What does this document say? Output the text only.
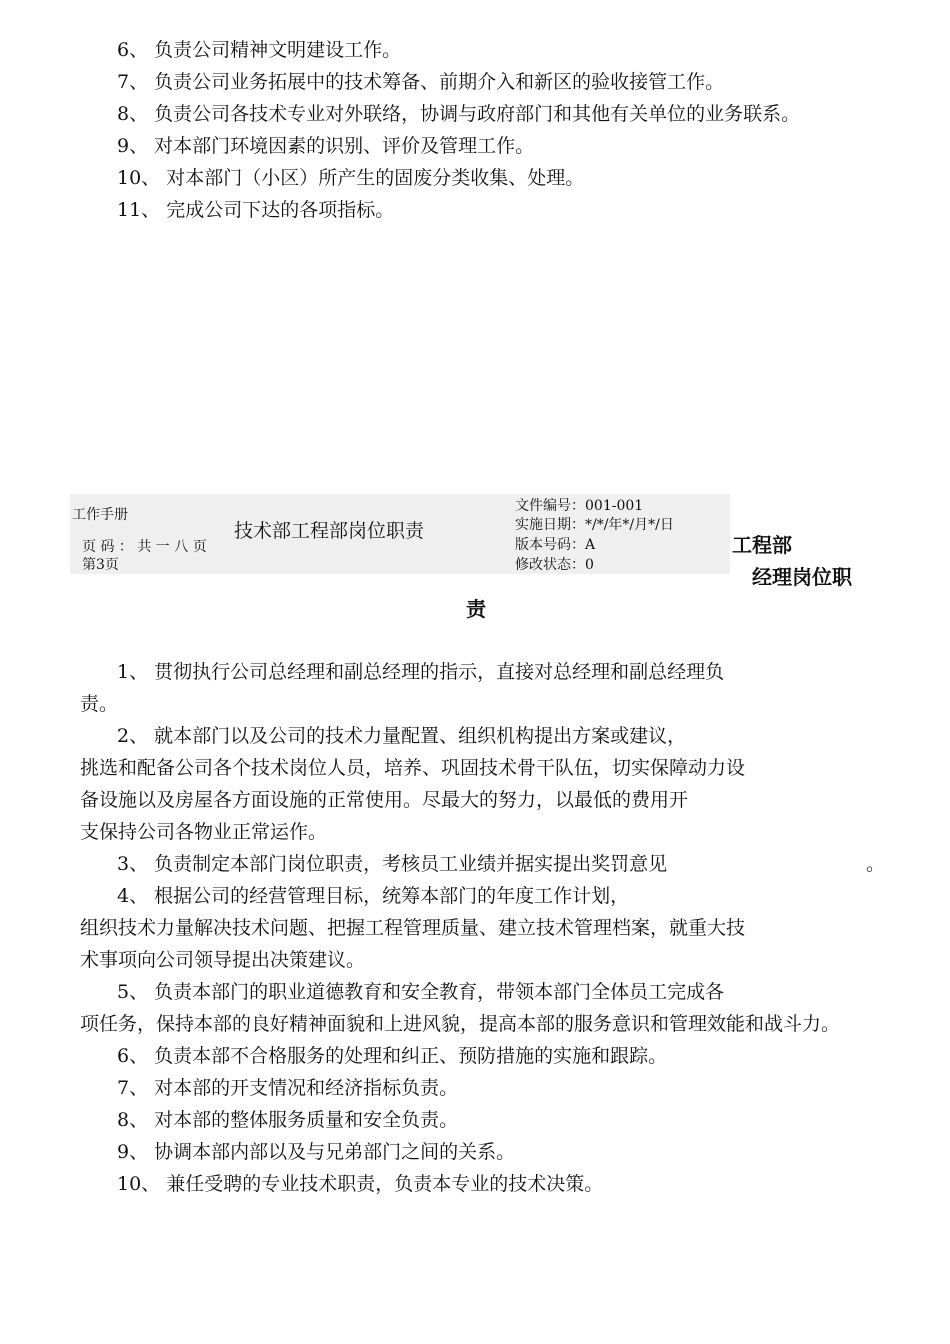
6、 负责公司精神文明建设工作。
7、 负责公司业务拓展中的技术筹备、前期介入和新区的验收接管工作。
8、 负责公司各技术专业对外联络，协调与政府部门和其他有关单位的业务联系。
9、 对本部门环境因素的识别、评价及管理工作。
10、 对本部门（小区）所产生的固废分类收集、处理。
11、 完成公司下达的各项指标。
工作手册
页 码 ： 共 一 八 页
第3页
技术部工程部岗位职责
文件编号：001-001
实施日期：*/*/年*/月*/日
版本号码：A
修改状态：0
工程部
经理岗位职
责
1、 贯彻执行公司总经理和副总经理的指示，直接对总经理和副总经理负
责。
2、 就本部门以及公司的技术力量配置、组织机构提出方案或建议，
挑选和配备公司各个技术岗位人员，培养、巩固技术骨干队伍，切实保障动力设
备设施以及房屋各方面设施的正常使用。尽最大的努力，以最低的费用开
支保持公司各物业正常运作。
3、 负责制定本部门岗位职责，考核员工业绩并据实提出奖罚意见	。
4、 根据公司的经营管理目标，统筹本部门的年度工作计划，
组织技术力量解决技术问题、把握工程管理质量、建立技术管理档案，就重大技
术事项向公司领导提出决策建议。
5、 负责本部门的职业道德教育和安全教育，带领本部门全体员工完成各
项任务，保持本部的良好精神面貌和上进风貌，提高本部的服务意识和管理效能和战斗力。
6、 负责本部不合格服务的处理和纠正、预防措施的实施和跟踪。
7、 对本部的开支情况和经济指标负责。
8、 对本部的整体服务质量和安全负责。
9、 协调本部内部以及与兄弟部门之间的关系。
10、 兼任受聘的专业技术职责，负责本专业的技术决策。
